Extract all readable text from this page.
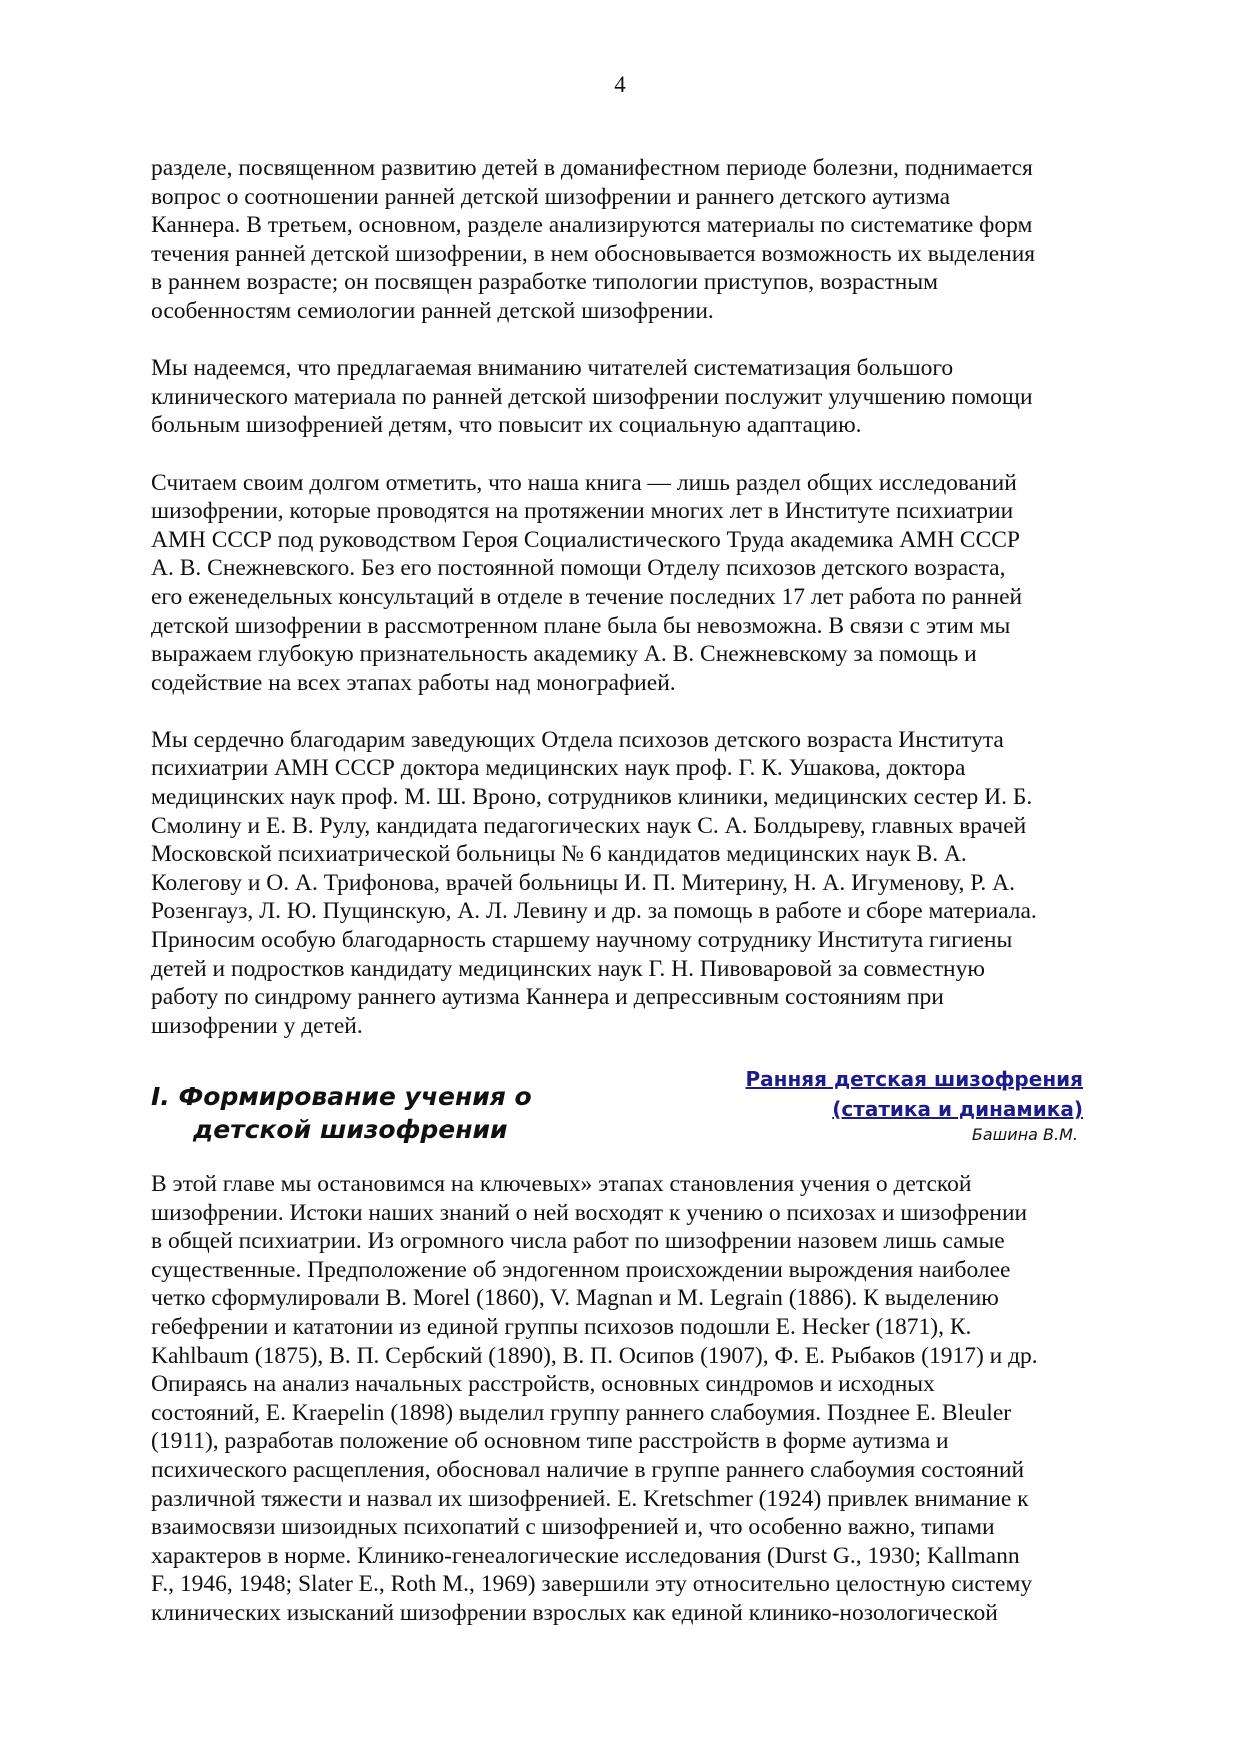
4
разделе, посвященном развитию детей в доманифестном периоде болезни, поднимается
вопрос о соотношении ранней детской шизофрении и раннего детского аутизма
Каннера. В третьем, основном, разделе анализируются материалы по систематике форм
течения ранней детской шизофрении, в нем обосновывается возможность их выделения
в раннем возрасте; он посвящен разработке типологии приступов, возрастным
особенностям семиологии ранней детской шизофрении.
Мы надеемся, что предлагаемая вниманию читателей систематизация большого
клинического материала по ранней детской шизофрении послужит улучшению помощи
больным шизофренией детям, что повысит их социальную адаптацию.
Считаем своим долгом отметить, что наша книга — лишь раздел общих исследований
шизофрении, которые проводятся на протяжении многих лет в Институте психиатрии
АМН СССР под руководством Героя Социалистического Труда академика АМН СССР
А. В. Снежневского. Без его постоянной помощи Отделу психозов детского возраста,
его еженедельных консультаций в отделе в течение последних 17 лет работа по ранней
детской шизофрении в рассмотренном плане была бы невозможна. В связи с этим мы
выражаем глубокую признательность академику А. В. Снежневскому за помощь и
содействие на всех этапах работы над монографией.
Мы сердечно благодарим заведующих Отдела психозов детского возраста Института
психиатрии АМН СССР доктора медицинских наук проф. Г. К. Ушакова, доктора
медицинских наук проф. М. Ш. Вроно, сотрудников клиники, медицинских сестер И. Б.
Смолину и Е. В. Рулу, кандидата педагогических наук С. А. Болдыреву, главных врачей
Московской психиатрической больницы № 6 кандидатов медицинских наук В. А.
Колегову и О. А. Трифонова, врачей больницы И. П. Митерину, Н. А. Игуменову, Р. А.
Розенгауз, Л. Ю. Пущинскую, А. Л. Левину и др. за помощь в работе и сборе материала.
Приносим особую благодарность старшему научному сотруднику Института гигиены
детей и подростков кандидату медицинских наук Г. Н. Пивоваровой за совместную
работу по синдрому раннего аутизма Каннера и депрессивным состояниям при
шизофрении у детей.
I. Формирование учения о
детской шизофрении
Ранняя детская шизофрения
(статика и динамика)
Башина В.М.
В этой главе мы остановимся на ключевых» этапах становления учения о детской
шизофрении. Истоки наших знаний о ней восходят к учению о психозах и шизофрении
в общей психиатрии. Из огромного числа работ по шизофрении назовем лишь самые
существенные. Предположение об эндогенном происхождении вырождения наиболее
четко сформулировали В. Morel (1860), V. Magnan и M. Legrain (1886). К выделению
гебефрении и кататонии из единой группы психозов подошли Е. Hecker (1871), К.
Kahlbaum (1875), В. П. Сербский (1890), В. П. Осипов (1907), Ф. Е. Рыбаков (1917) и др.
Опираясь на анализ начальных расстройств, основных синдромов и исходных
состояний, Е. Kraepelin (1898) выделил группу раннего слабоумия. Позднее Е. Bleuler
(1911), разработав положение об основном типе расстройств в форме аутизма и
психического расщепления, обосновал наличие в группе раннего слабоумия состояний
различной тяжести и назвал их шизофренией. Е. Kretschmer (1924) привлек внимание к
взаимосвязи шизоидных психопатий с шизофренией и, что особенно важно, типами
характеров в норме. Клинико-генеалогические исследования (Durst G., 1930; Kallmann
F., 1946, 1948; Slater E., Roth M., 1969) завершили эту относительно целостную систему
клинических изысканий шизофрении взрослых как единой клинико-нозологической
